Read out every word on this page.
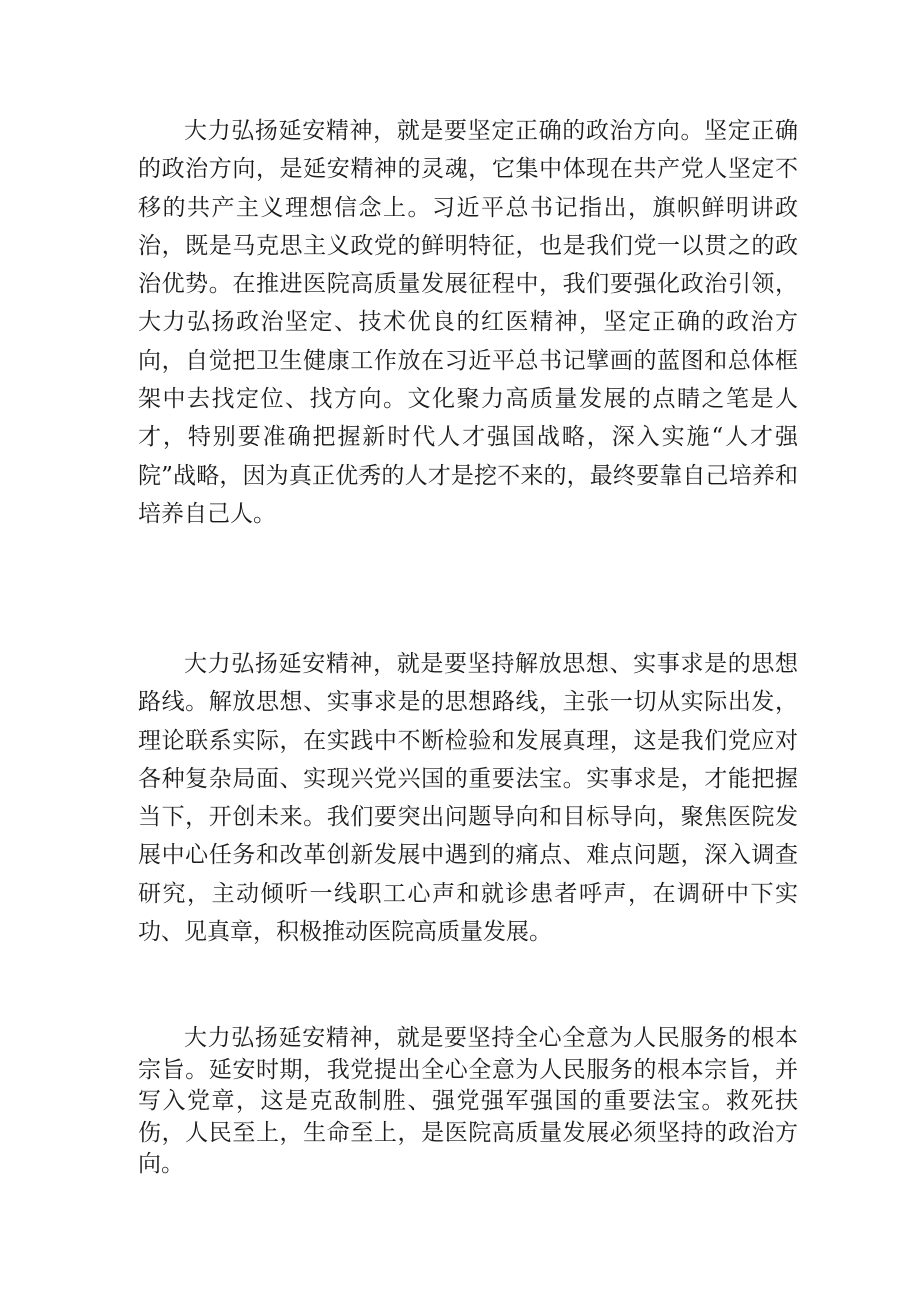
大力弘扬延安精神，就是要坚定正确的政治方向。坚定正确的政治方向，是延安精神的灵魂，它集中体现在共产党人坚定不移的共产主义理想信念上。习近平总书记指出，旗帜鲜明讲政治，既是马克思主义政党的鲜明特征，也是我们党一以贯之的政治优势。在推进医院高质量发展征程中，我们要强化政治引领，大力弘扬政治坚定、技术优良的红医精神，坚定正确的政治方向，自觉把卫生健康工作放在习近平总书记擘画的蓝图和总体框架中去找定位、找方向。文化聚力高质量发展的点睛之笔是人才，特别要准确把握新时代人才强国战略，深入实施“人才强院”战略，因为真正优秀的人才是挖不来的，最终要靠自己培养和培养自己人。

大力弘扬延安精神，就是要坚持解放思想、实事求是的思想路线。解放思想、实事求是的思想路线，主张一切从实际出发，理论联系实际，在实践中不断检验和发展真理，这是我们党应对各种复杂局面、实现兴党兴国的重要法宝。实事求是，才能把握当下，开创未来。我们要突出问题导向和目标导向，聚焦医院发展中心任务和改革创新发展中遇到的痛点、难点问题，深入调查研究，主动倾听一线职工心声和就诊患者呼声，在调研中下实功、见真章，积极推动医院高质量发展。

大力弘扬延安精神，就是要坚持全心全意为人民服务的根本宗旨。延安时期，我党提出全心全意为人民服务的根本宗旨，并写入党章，这是克敌制胜、强党强军强国的重要法宝。救死扶伤，人民至上，生命至上，是医院高质量发展必须坚持的政治方向。
